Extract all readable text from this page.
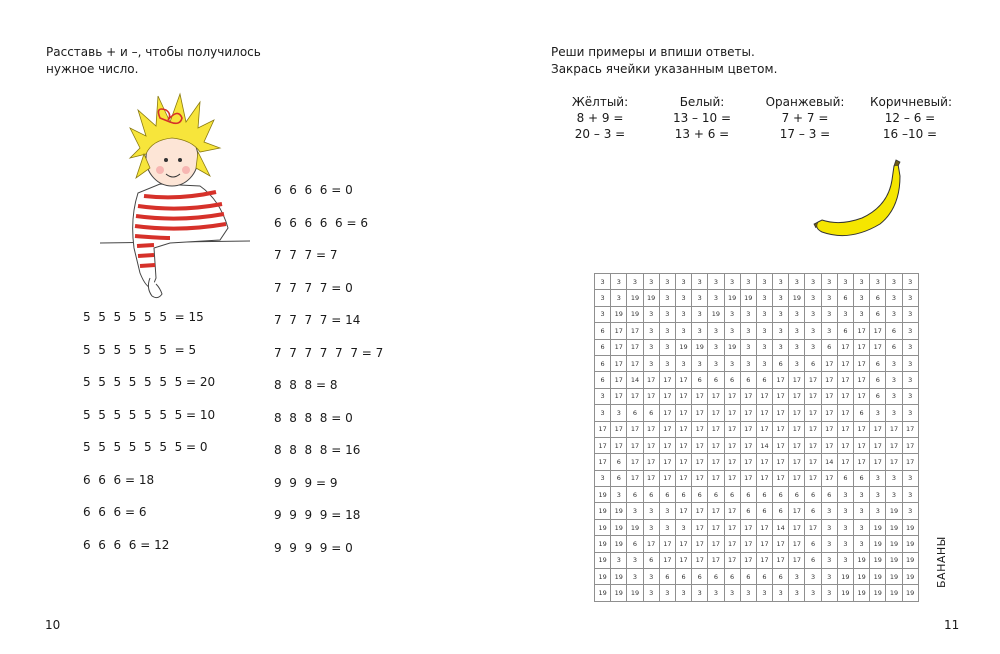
Расставь + и –, чтобы получилось
нужное число.
5  5  5  5  5  5  = 15
5  5  5  5  5  5  = 5
5  5  5  5  5  5  5 = 20
5  5  5  5  5  5  5 = 10
5  5  5  5  5  5  5 = 0
6  6  6 = 18
6  6  6 = 6
6  6  6  6 = 12
6  6  6  6 = 0
6  6  6  6  6 = 6
7  7  7 = 7
7  7  7  7 = 0
7  7  7  7 = 14
7  7  7  7  7  7 = 7
8  8  8 = 8
8  8  8  8 = 0
8  8  8  8 = 16
9  9  9 = 9
9  9  9  9 = 18
9  9  9  9 = 0
10
Реши примеры и впиши ответы.
Закрась ячейки указанным цветом.
Жёлтый:
8 + 9 =
20 – 3 =
Белый:
13 – 10 =
13 + 6 =
Оранжевый:
7 + 7 =
17 – 3 =
Коричневый:
12 – 6 =
16 –10 =
3	3	3	3	3	3	3	3	3	3	3	3	3	3	3	3	3	3	3	3
3	3	19	19	3	3	3	3	19	19	3	3	19	3	3	6	3	6	3	3
3	19	19	3	3	3	3	19	3	3	3	3	3	3	3	3	3	6	3	3
6	17	17	3	3	3	3	3	3	3	3	3	3	3	3	6	17	17	6	3
6	17	17	3	3	19	19	3	19	3	3	3	3	3	6	17	17	17	6	3
6	17	17	3	3	3	3	3	3	3	3	6	3	6	17	17	17	6	3	3
6	17	14	17	17	17	6	6	6	6	6	17	17	17	17	17	17	6	3	3
3	17	17	17	17	17	17	17	17	17	17	17	17	17	17	17	17	6	3	3
3	3	6	6	17	17	17	17	17	17	17	17	17	17	17	17	6	3	3	3
17	17	17	17	17	17	17	17	17	17	17	17	17	17	17	17	17	17	17	17
17	17	17	17	17	17	17	17	17	17	14	17	17	17	17	17	17	17	17	17
17	6	17	17	17	17	17	17	17	17	17	17	17	17	14	17	17	17	17	17
3	6	17	17	17	17	17	17	17	17	17	17	17	17	17	6	6	3	3	3
19	3	6	6	6	6	6	6	6	6	6	6	6	6	6	3	3	3	3	3
19	19	3	3	3	17	17	17	17	6	6	6	17	6	3	3	3	3	19	3
19	19	19	3	3	3	17	17	17	17	17	14	17	17	3	3	3	19	19	19
19	19	6	17	17	17	17	17	17	17	17	17	17	6	3	3	3	19	19	19
19	3	3	6	17	17	17	17	17	17	17	17	17	6	3	3	19	19	19	19
19	19	3	3	6	6	6	6	6	6	6	6	3	3	3	19	19	19	19	19
19	19	19	3	3	3	3	3	3	3	3	3	3	3	3	19	19	19	19	19
БАНАНЫ
11
